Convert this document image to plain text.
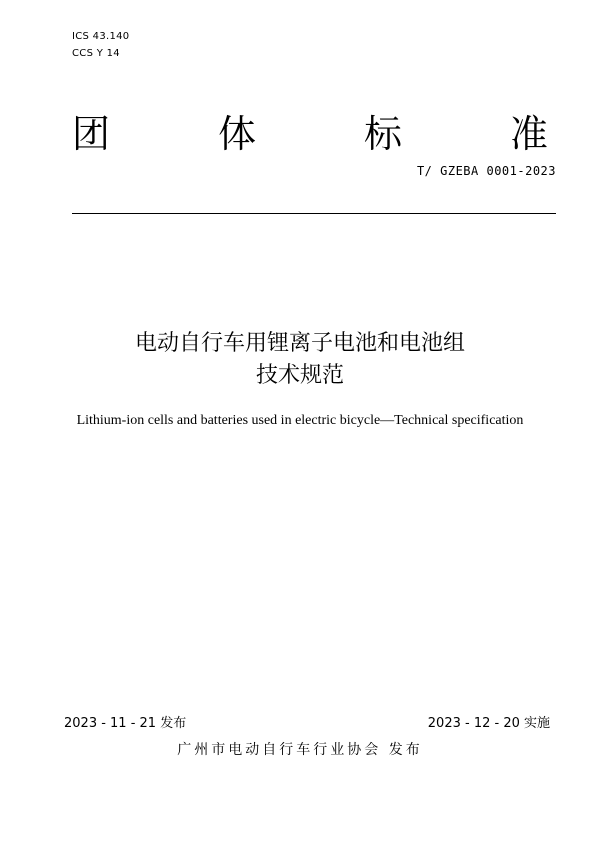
ICS 43.140
CCS Y 14
团	体	标	准
T/ GZEBA 0001-2023
电动自行车用锂离子电池和电池组
技术规范
Lithium-ion cells and batteries used in electric bicycle—Technical specification
2023 - 11 - 21 发布	2023 - 12 - 20 实施
广州市电动自行车行业协会 发布
